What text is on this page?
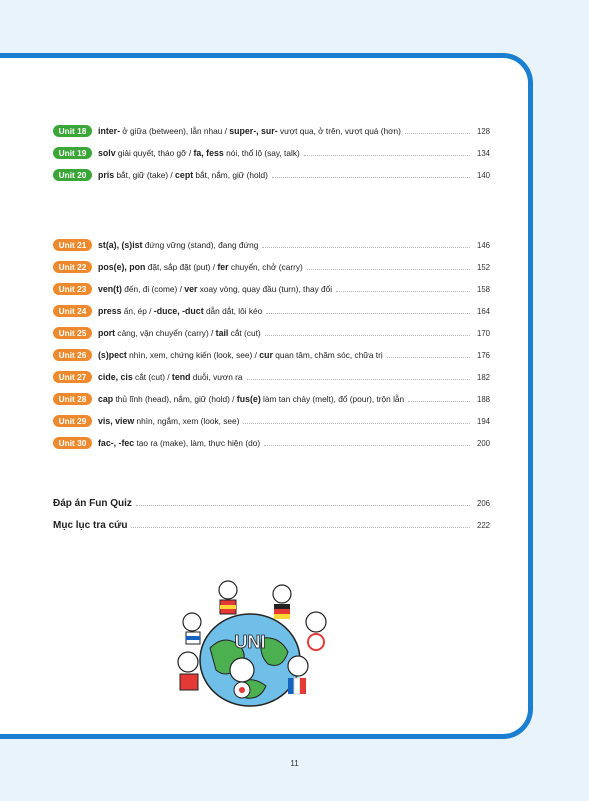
Unit 18	inter- ở giữa (between), lẫn nhau / super-, sur- vượt qua, ở trên, vượt quá (hơn)	128
Unit 19	solv giải quyết, tháo gỡ / fa, fess nói, thổ lộ (say, talk)	134
Unit 20	pris bắt, giữ (take) / cept bắt, nắm, giữ (hold)	140
Unit 21	st(a), (s)ist đứng vững (stand), đang đứng	146
Unit 22	pos(e), pon đặt, sắp đặt (put) / fer chuyển, chở (carry)	152
Unit 23	ven(t) đến, đi (come) / ver xoay vòng, quay đầu (turn), thay đổi	158
Unit 24	press ấn, ép / -duce, -duct dẫn dắt, lôi kéo	164
Unit 25	port cảng, vận chuyển (carry) / tail cắt (cut)	170
Unit 26	(s)pect nhìn, xem, chứng kiến (look, see) / cur quan tâm, chăm sóc, chữa trị	176
Unit 27	cide, cis cắt (cut) / tend duỗi, vươn ra	182
Unit 28	cap thủ lĩnh (head), nắm, giữ (hold) / fus(e) làm tan chảy (melt), đổ (pour), trộn lẫn	188
Unit 29	vis, view nhìn, ngắm, xem (look, see)	194
Unit 30	fac-, -fec tạo ra (make), làm, thực hiện (do)	200
Đáp án Fun Quiz	206
Mục lục tra cứu	222
UNI
11
